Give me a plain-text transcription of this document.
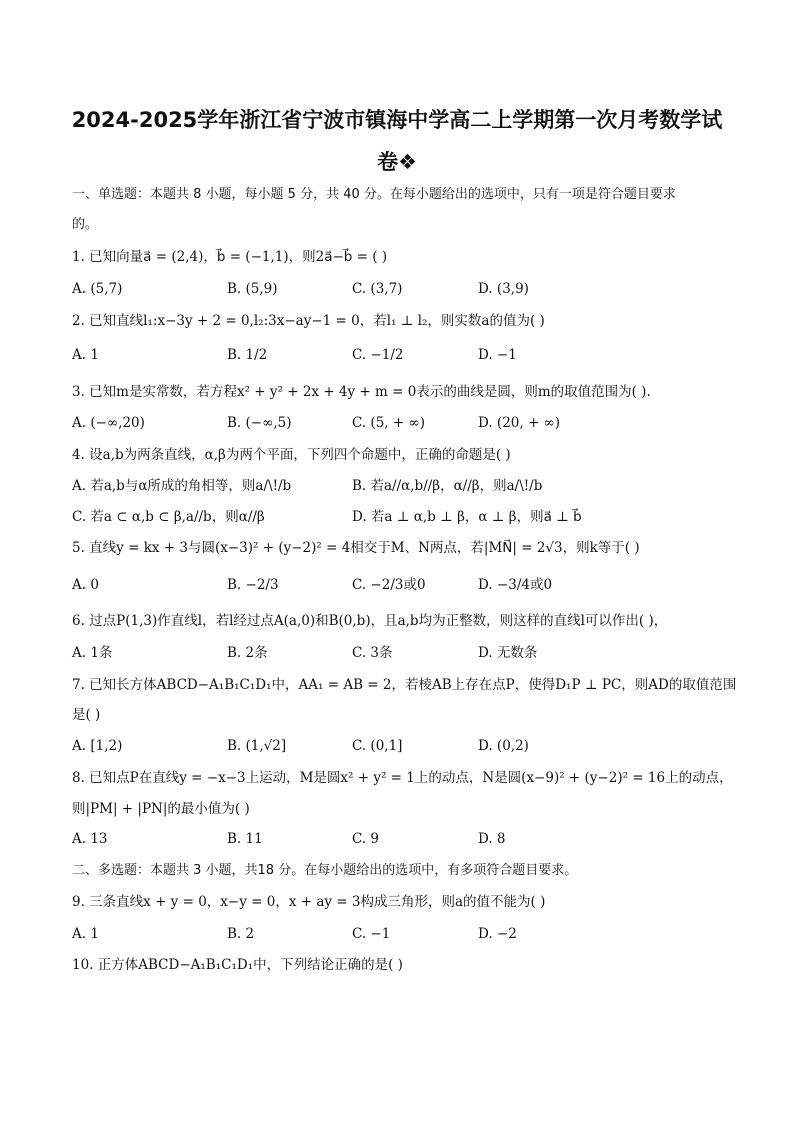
2024-2025学年浙江省宁波市镇海中学高二上学期第一次月考数学试
卷❖
一、单选题：本题共 8 小题，每小题 5 分，共 40 分。在每小题给出的选项中，只有一项是符合题目要求
的。
1. 已知向量a⃗ = (2,4)，b⃗ = (−1,1)，则2a⃗−b⃗ = ( )
A. (5,7)	B. (5,9)	C. (3,7)	D. (3,9)
2. 已知直线l₁:x−3y + 2 = 0,l₂:3x−ay−1 = 0，若l₁ ⊥ l₂，则实数a的值为( )
A. 1	B. 1/2	C. −1/2	D. −1
3. 已知m是实常数，若方程x² + y² + 2x + 4y + m = 0表示的曲线是圆，则m的取值范围为( ).
A. (−∞,20)	B. (−∞,5)	C. (5, + ∞)	D. (20, + ∞)
4. 设a,b为两条直线，α,β为两个平面，下列四个命题中，正确的命题是( )
A. 若a,b与α所成的角相等，则a/\!/b	B. 若a//α,b//β，α//β，则a/\!/b
C. 若a ⊂ α,b ⊂ β,a//b，则α//β	D. 若a ⊥ α,b ⊥ β，α ⊥ β，则a⃗ ⊥ b⃗
5. 直线y = kx + 3与圆(x−3)² + (y−2)² = 4相交于M、N两点，若|MN⃗| = 2√3，则k等于( )
A. 0	B. −2/3	C. −2/3或0	D. −3/4或0
6. 过点P(1,3)作直线l，若l经过点A(a,0)和B(0,b)，且a,b均为正整数，则这样的直线l可以作出( )，
A. 1条	B. 2条	C. 3条	D. 无数条
7. 已知长方体ABCD−A₁B₁C₁D₁中，AA₁ = AB = 2，若棱AB上存在点P，使得D₁P ⊥ PC，则AD的取值范围
是( )
A. [1,2)	B. (1,√2]	C. (0,1]	D. (0,2)
8. 已知点P在直线y = −x−3上运动，M是圆x² + y² = 1上的动点，N是圆(x−9)² + (y−2)² = 16上的动点，
则|PM| + |PN|的最小值为( )
A. 13	B. 11	C. 9	D. 8
二、多选题：本题共 3 小题，共18 分。在每小题给出的选项中，有多项符合题目要求。
9. 三条直线x + y = 0，x−y = 0，x + ay = 3构成三角形，则a的值不能为( )
A. 1	B. 2	C. −1	D. −2
10. 正方体ABCD−A₁B₁C₁D₁中，下列结论正确的是( )
